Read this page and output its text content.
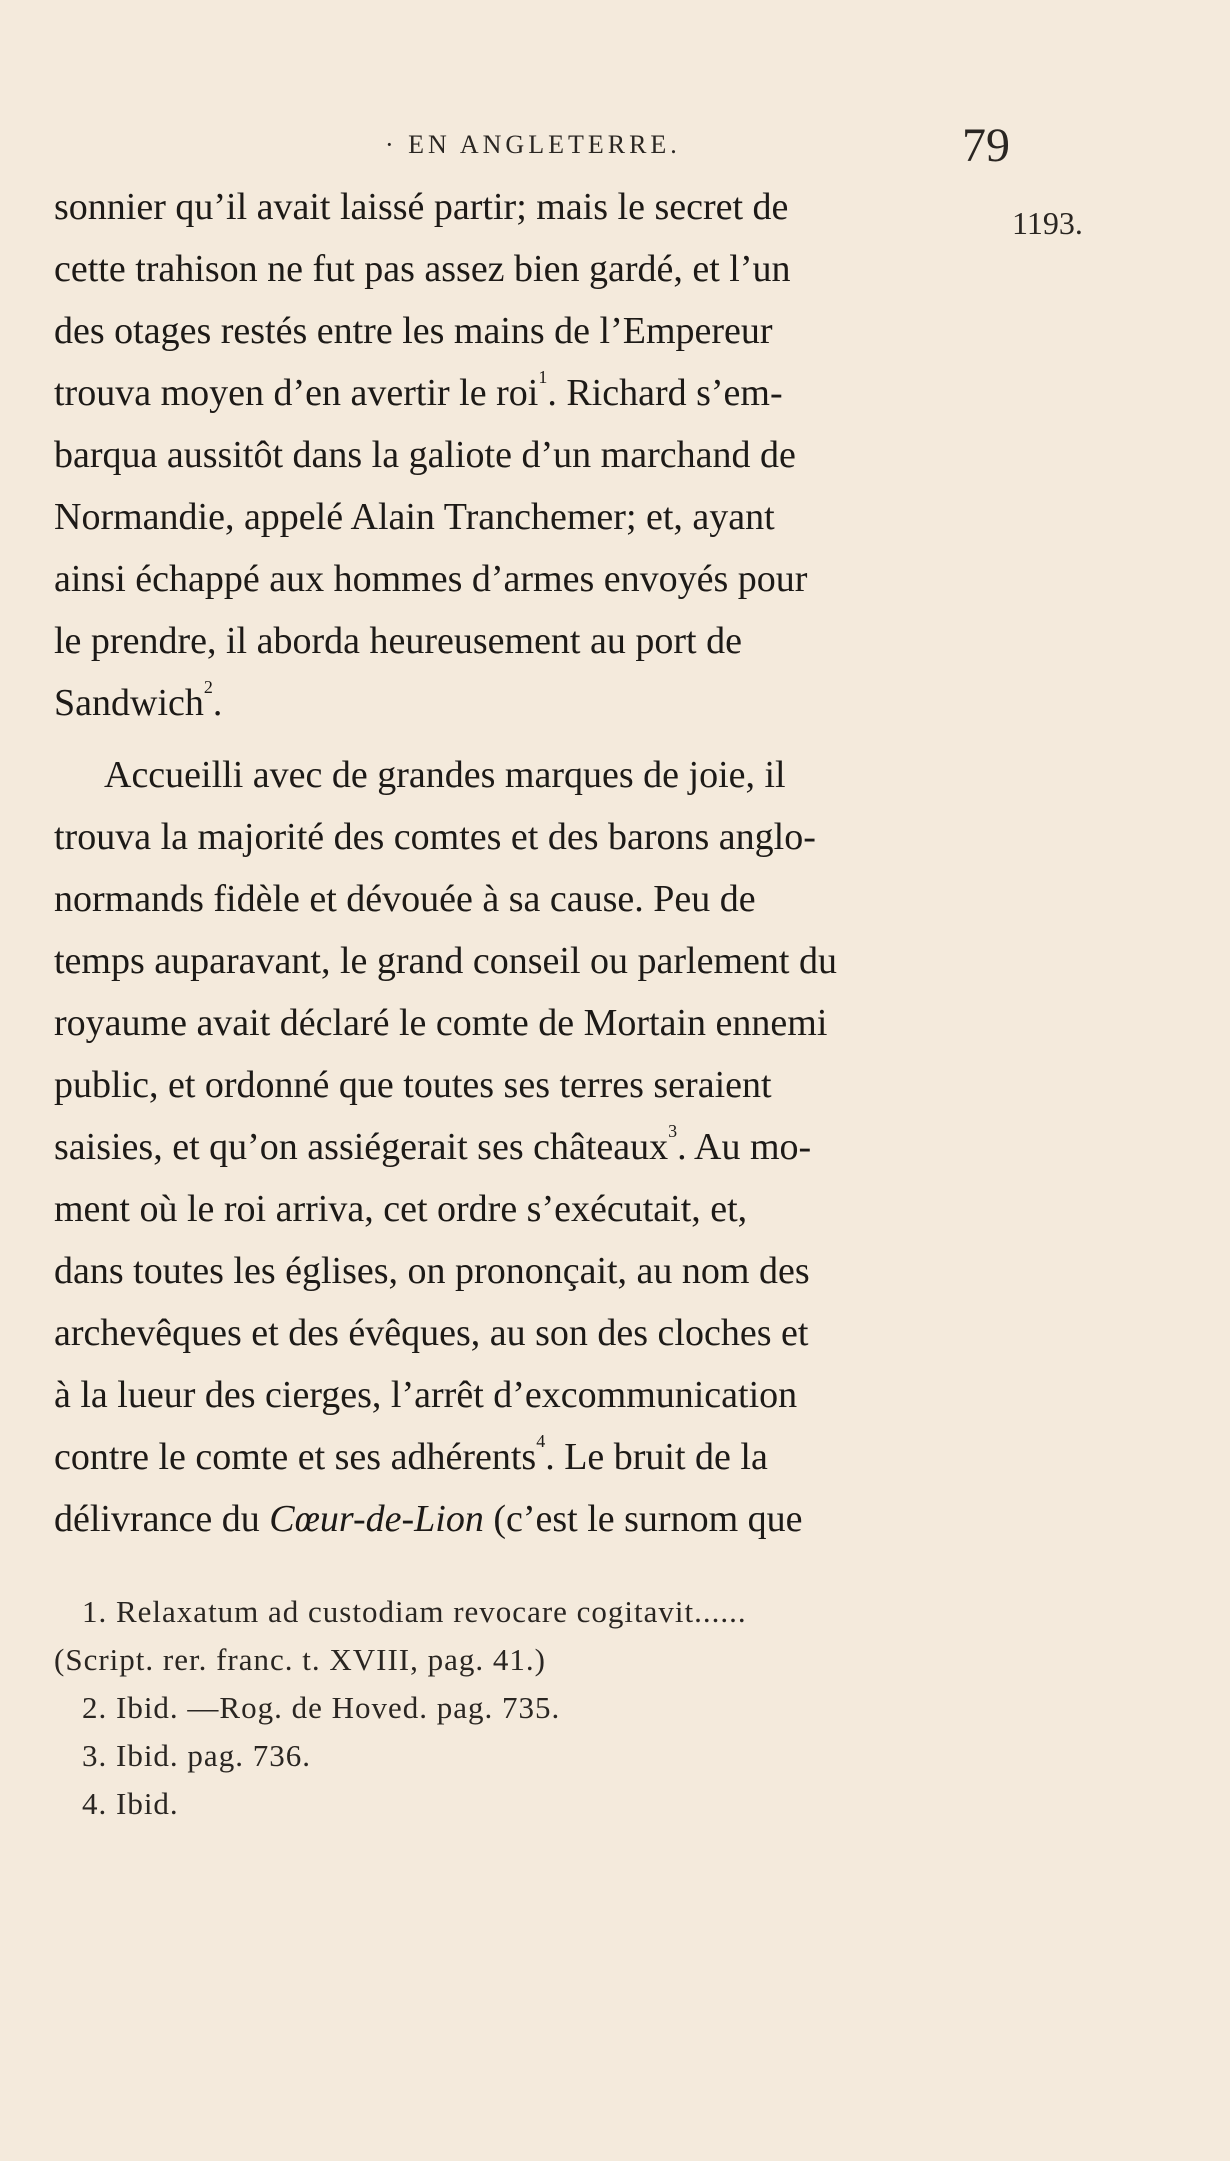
· EN ANGLETERRE.	79
1193.
sonnier qu’il avait laissé partir; mais le secret de
cette trahison ne fut pas assez bien gardé, et l’un
des otages restés entre les mains de l’Empereur
trouva moyen d’en avertir le roi$^1$ . Richard s’em-
barqua aussitôt dans la galiote d’un marchand de
Normandie, appelé Alain Tranchemer; et, ayant
ainsi échappé aux hommes d’armes envoyés pour
le prendre, il aborda heureusement au port de
Sandwich$^2$ .
Accueilli avec de grandes marques de joie, il
trouva la majorité des comtes et des barons anglo-
normands fidèle et dévouée à sa cause. Peu de
temps auparavant, le grand conseil ou parlement du
royaume avait déclaré le comte de Mortain ennemi
public, et ordonné que toutes ses terres seraient
saisies, et qu’on assiégerait ses châteaux$^3$ . Au mo-
ment où le roi arriva, cet ordre s’exécutait, et,
dans toutes les églises, on prononçait, au nom des
archevêques et des évêques, au son des cloches et
à la lueur des cierges, l’arrêt d’excommunication
contre le comte et ses adhérents$^4$ . Le bruit de la
délivrance du
Cœur-de-Lion
(c’est le surnom que
1. Relaxatum ad custodiam revocare cogitavit......
(Script. rer. franc. t. XVIII, pag. 41.)
2. Ibid. —Rog. de Hoved. pag. 735.
3. Ibid. pag. 736.
4. Ibid.
